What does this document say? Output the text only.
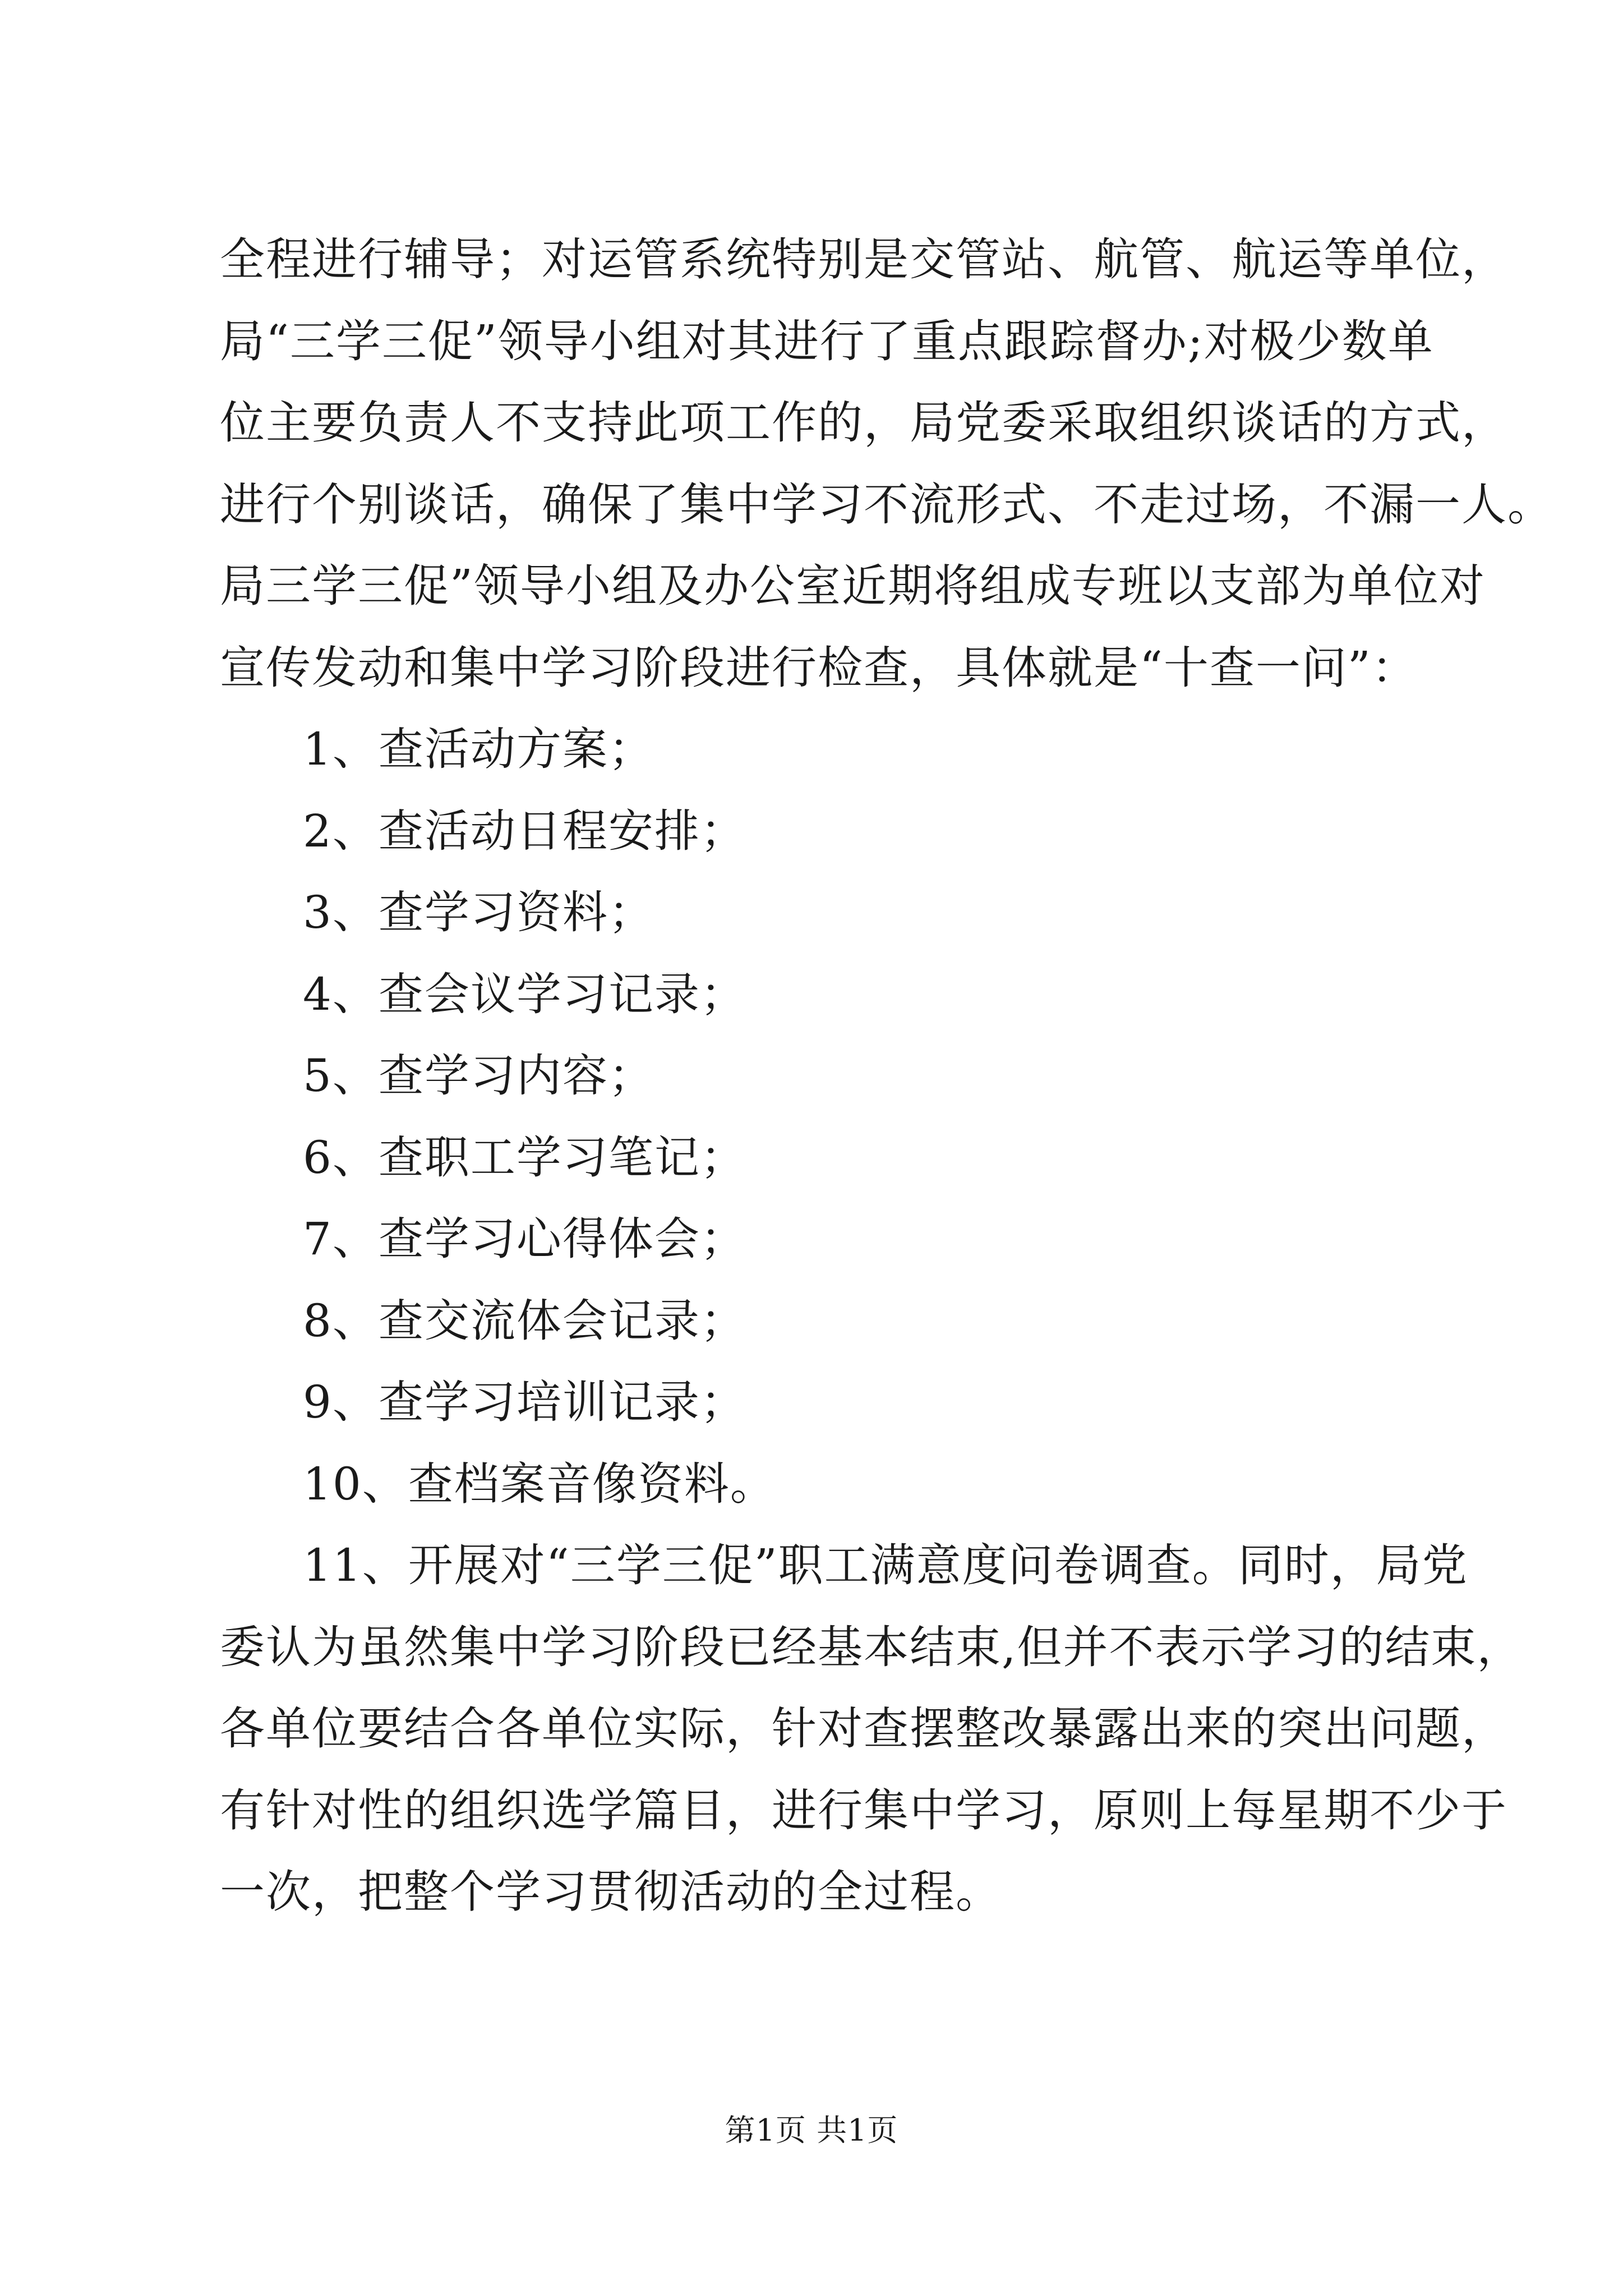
全程进行辅导；对运管系统特别是交管站、航管、航运等单位，
局“三学三促”领导小组对其进行了重点跟踪督办;对极少数单
位主要负责人不支持此项工作的，局党委采取组织谈话的方式，
进行个别谈话，确保了集中学习不流形式、不走过场，不漏一人。
局三学三促”领导小组及办公室近期将组成专班以支部为单位对
宣传发动和集中学习阶段进行检查，具体就是“十查一问”：
1、查活动方案；
2、查活动日程安排；
3、查学习资料；
4、查会议学习记录；
5、查学习内容；
6、查职工学习笔记；
7、查学习心得体会；
8、查交流体会记录；
9、查学习培训记录；
10、查档案音像资料。
11、开展对“三学三促”职工满意度问卷调查。同时，局党
委认为虽然集中学习阶段已经基本结束,但并不表示学习的结束，
各单位要结合各单位实际，针对查摆整改暴露出来的突出问题，
有针对性的组织选学篇目，进行集中学习，原则上每星期不少于
一次，把整个学习贯彻活动的全过程。
第1页 共1页
